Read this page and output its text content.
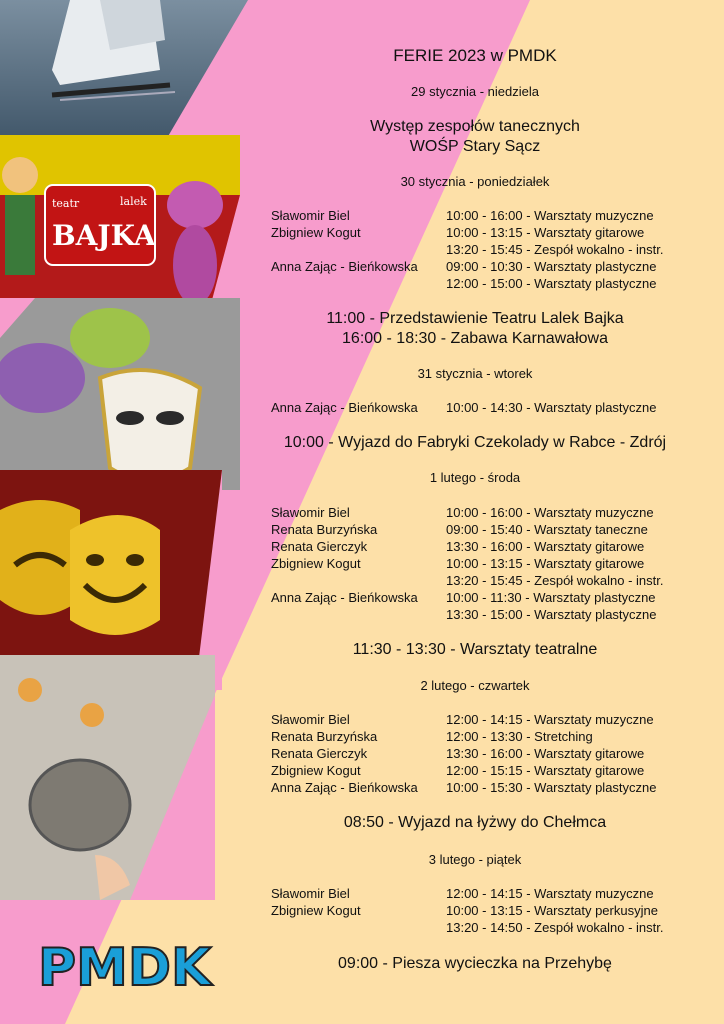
teatr
BAJKA
lalek
PMDK
FERIE 2023 w PMDK
29 stycznia - niedziela
Występ zespołów tanecznych
WOŚP Stary Sącz
30 stycznia - poniedziałek
Sławomir Biel	10:00 - 16:00 - Warsztaty muzyczne
Zbigniew Kogut	10:00 - 13:15 - Warsztaty gitarowe
13:20 - 15:45 - Zespół wokalno - instr.
Anna Zając - Bieńkowska 09:00 - 10:30 - Warsztaty plastyczne
12:00 - 15:00 - Warsztaty plastyczne
11:00 - Przedstawienie Teatru Lalek Bajka
16:00 - 18:30 - Zabawa Karnawałowa
31 stycznia - wtorek
Anna Zając - Bieńkowska 10:00 - 14:30 - Warsztaty plastyczne
10:00 - Wyjazd do Fabryki Czekolady w Rabce - Zdrój
1 lutego - środa
Sławomir Biel	10:00 - 16:00 - Warsztaty muzyczne
Renata Burzyńska	09:00 - 15:40 - Warsztaty taneczne
Renata Gierczyk	13:30 - 16:00 - Warsztaty gitarowe
Zbigniew Kogut	10:00 - 13:15 - Warsztaty gitarowe
13:20 - 15:45 - Zespół wokalno - instr.
Anna Zając - Bieńkowska 10:00 - 11:30 - Warsztaty plastyczne
13:30 - 15:00 - Warsztaty plastyczne
11:30 - 13:30 - Warsztaty teatralne
2 lutego - czwartek
Sławomir Biel	12:00 - 14:15 - Warsztaty muzyczne
Renata Burzyńska	12:00 - 13:30 - Stretching
Renata Gierczyk	13:30 - 16:00 - Warsztaty gitarowe
Zbigniew Kogut	12:00 - 15:15 - Warsztaty gitarowe
Anna Zając - Bieńkowska 10:00 - 15:30 - Warsztaty plastyczne
08:50 - Wyjazd na łyżwy do Chełmca
3 lutego - piątek
Sławomir Biel	12:00 - 14:15 - Warsztaty muzyczne
Zbigniew Kogut	10:00 - 13:15 - Warsztaty perkusyjne
13:20 - 14:50 - Zespół wokalno - instr.
09:00 - Piesza wycieczka na Przehybę
